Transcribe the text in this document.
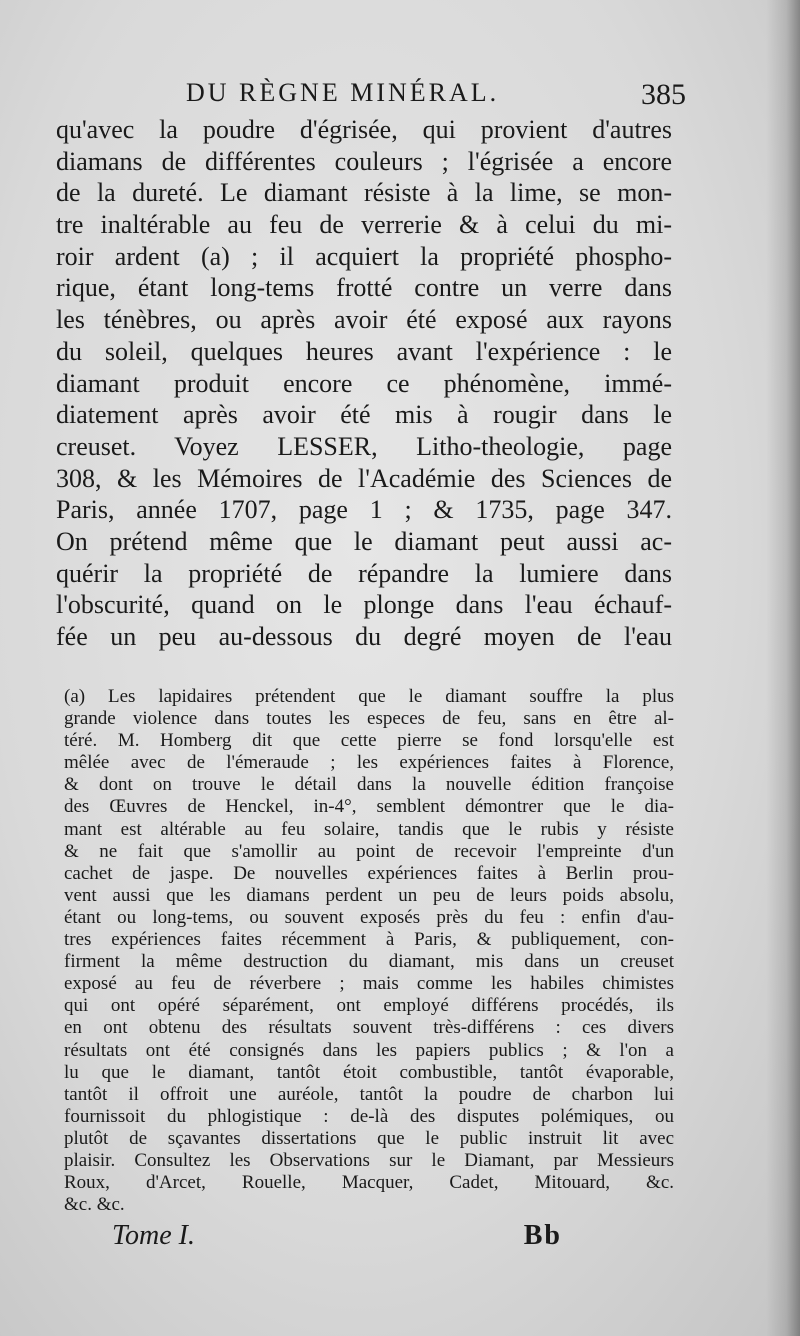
DU RÈGNE MINÉRAL.	385
qu'avec la poudre d'égrisée, qui provient d'autres
diamans de différentes couleurs ; l'égrisée a encore
de la dureté. Le diamant résiste à la lime, se mon-
tre inaltérable au feu de verrerie & à celui du mi-
roir ardent (a) ; il acquiert la propriété phospho-
rique, étant long-tems frotté contre un verre dans
les ténèbres, ou après avoir été exposé aux rayons
du soleil, quelques heures avant l'expérience : le
diamant produit encore ce phénomène, immé-
diatement après avoir été mis à rougir dans le
creuset. Voyez LESSER, Litho-theologie, page
308, & les Mémoires de l'Académie des Sciences de
Paris, année 1707, page 1 ; & 1735, page 347.
On prétend même que le diamant peut aussi ac-
quérir la propriété de répandre la lumiere dans
l'obscurité, quand on le plonge dans l'eau échauf-
fée un peu au-dessous du degré moyen de l'eau
(a) Les lapidaires prétendent que le diamant souffre la plus
grande violence dans toutes les especes de feu, sans en être al-
téré. M. Homberg dit que cette pierre se fond lorsqu'elle est
mêlée avec de l'émeraude ; les expériences faites à Florence,
& dont on trouve le détail dans la nouvelle édition françoise
des Œuvres de Henckel, in-4°, semblent démontrer que le dia-
mant est altérable au feu solaire, tandis que le rubis y résiste
& ne fait que s'amollir au point de recevoir l'empreinte d'un
cachet de jaspe. De nouvelles expériences faites à Berlin prou-
vent aussi que les diamans perdent un peu de leurs poids absolu,
étant ou long-tems, ou souvent exposés près du feu : enfin d'au-
tres expériences faites récemment à Paris, & publiquement, con-
firment la même destruction du diamant, mis dans un creuset
exposé au feu de réverbere ; mais comme les habiles chimistes
qui ont opéré séparément, ont employé différens procédés, ils
en ont obtenu des résultats souvent très-différens : ces divers
résultats ont été consignés dans les papiers publics ; & l'on a
lu que le diamant, tantôt étoit combustible, tantôt évaporable,
tantôt il offroit une auréole, tantôt la poudre de charbon lui
fournissoit du phlogistique : de-là des disputes polémiques, ou
plutôt de sçavantes dissertations que le public instruit lit avec
plaisir. Consultez les Observations sur le Diamant, par Messieurs
Roux, d'Arcet, Rouelle, Macquer, Cadet, Mitouard, &c.
&c. &c.
Tome I.	Bb
